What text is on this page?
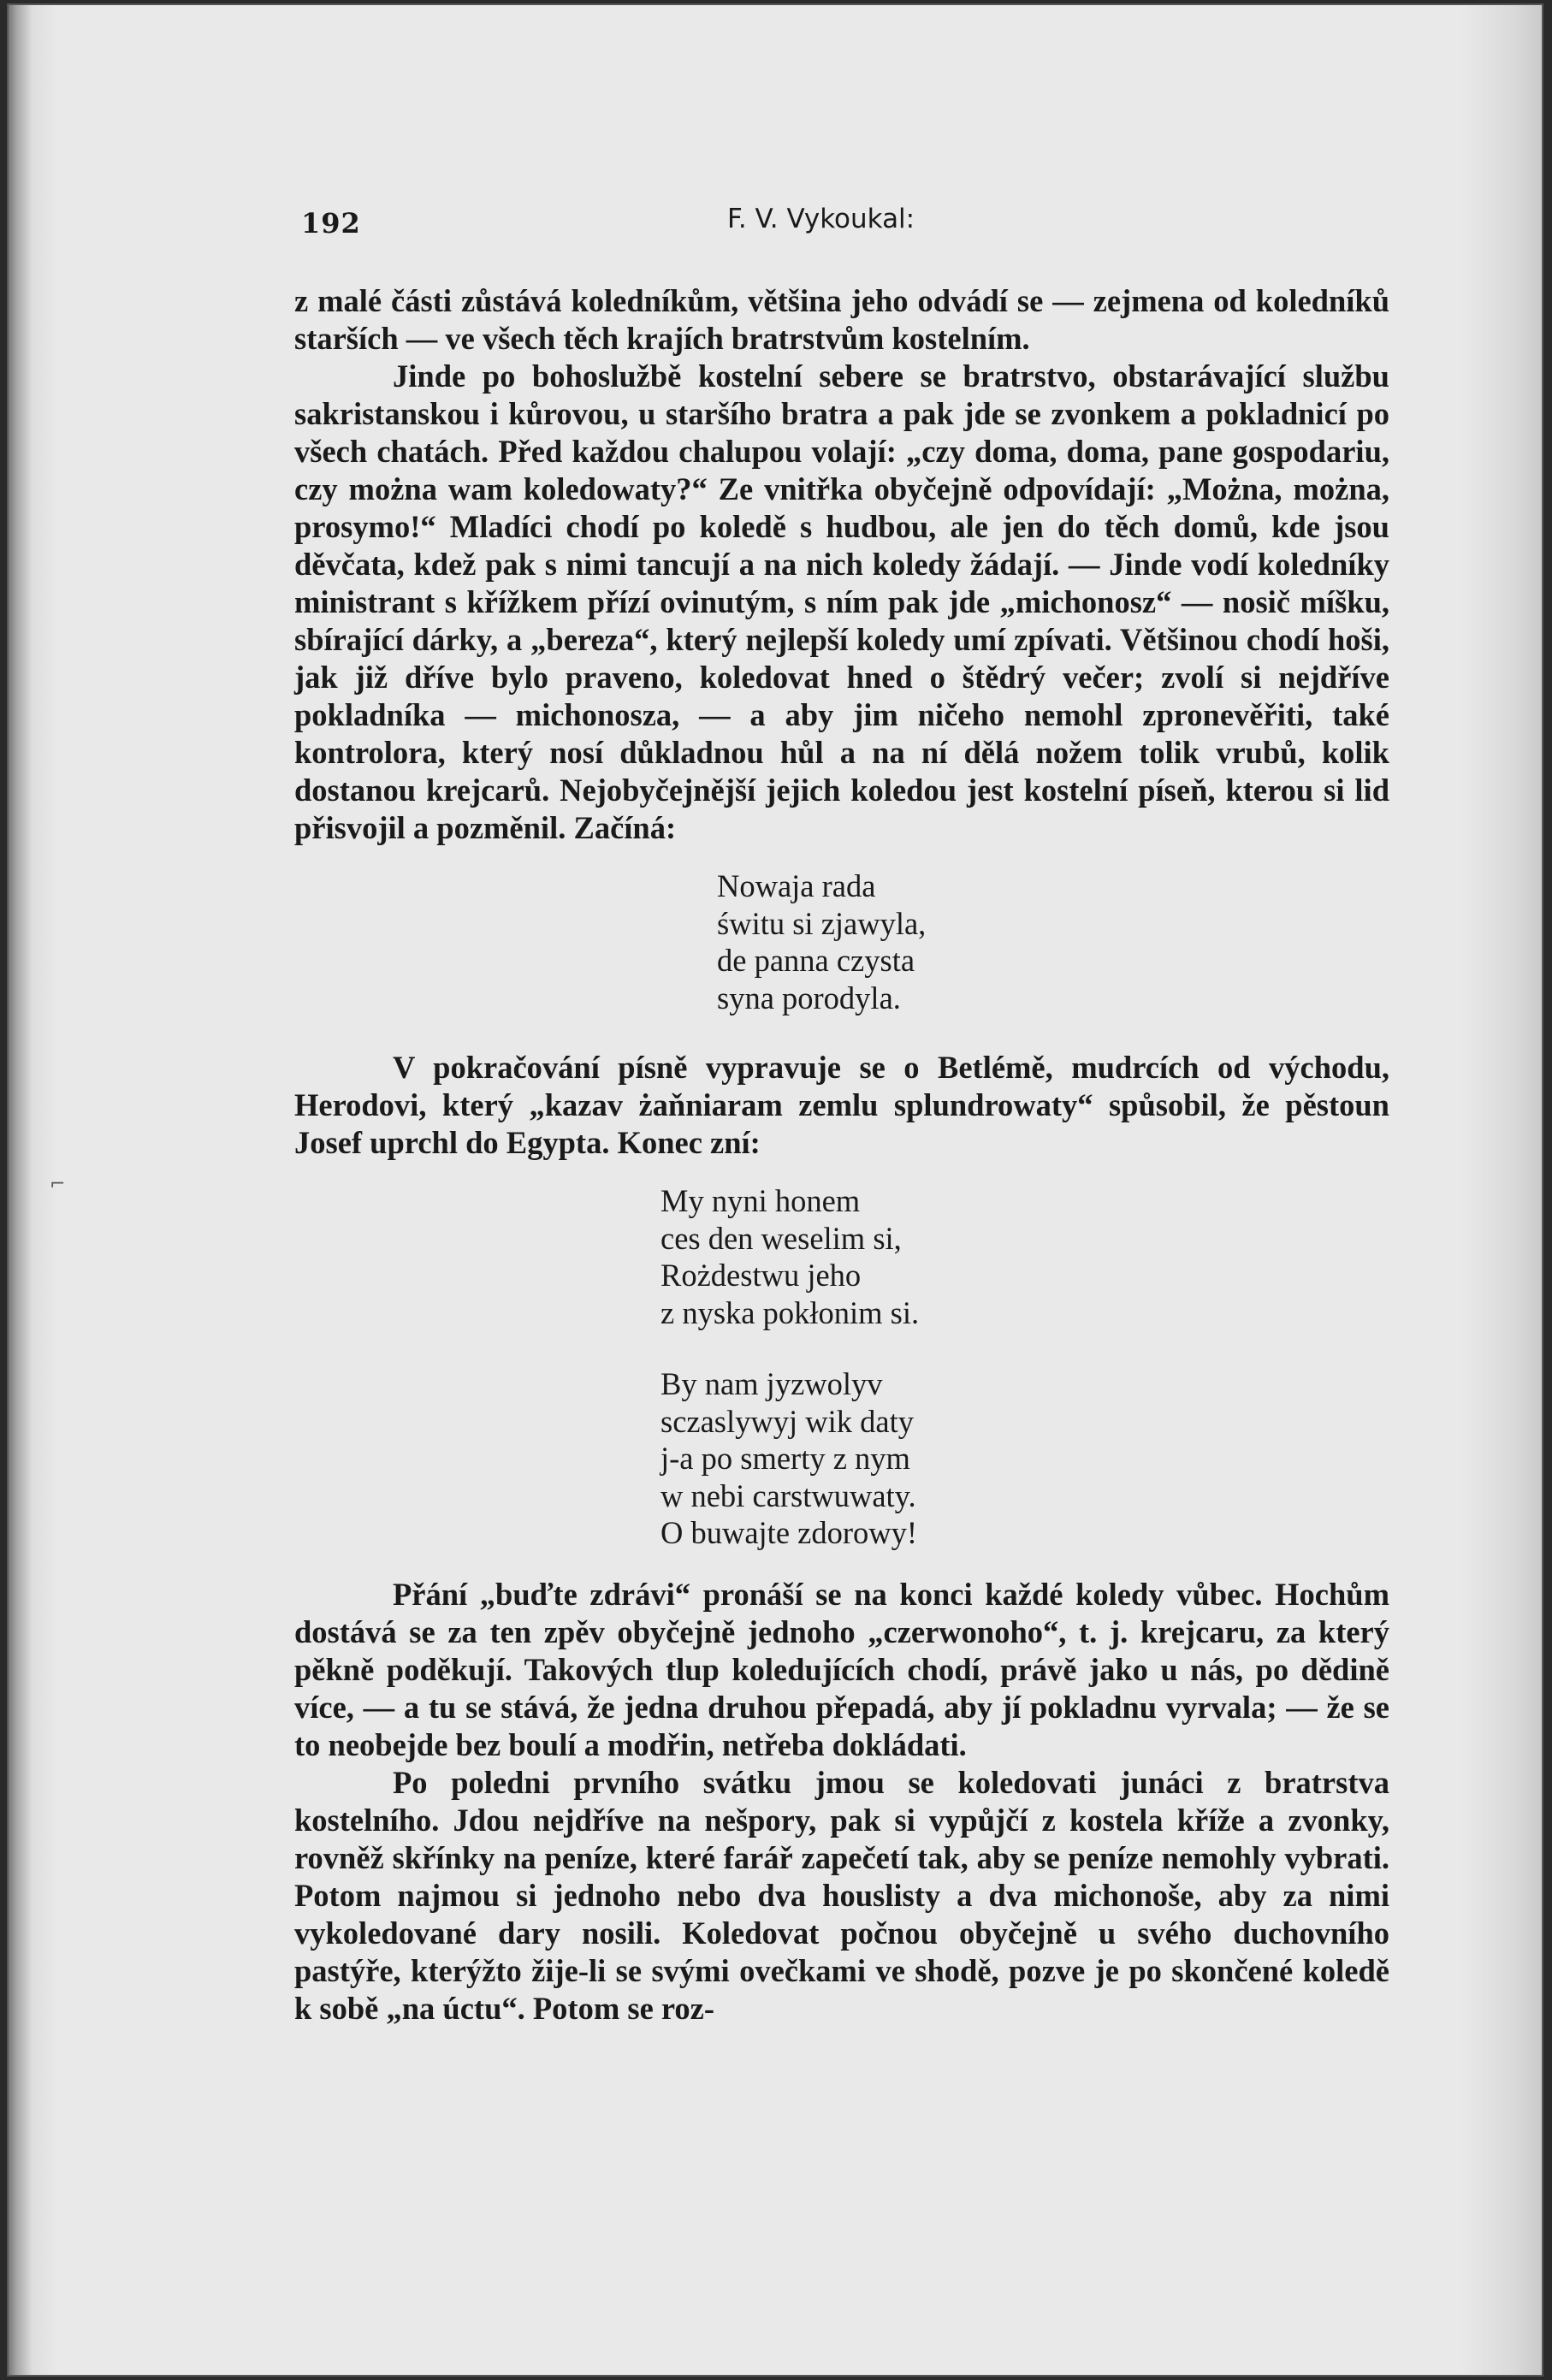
⌐
192	F. V. Vykoukal:

z malé části zůstává koledníkům, většina jeho odvádí se — zejmena od koledníků starších — ve všech těch krajích bratrstvům kostelním.

Jinde po bohoslužbě kostelní sebere se bratrstvo, obstarávající službu sakristanskou i kůrovou, u staršího bratra a pak jde se zvonkem a pokladnicí po všech chatách. Před každou chalupou volají: „czy doma, doma, pane gospodariu, czy można wam koledowaty?“ Ze vnitřka obyčejně odpovídají: „Można, można, prosymo!“ Mladíci chodí po koledě s hudbou, ale jen do těch domů, kde jsou děvčata, kdež pak s nimi tancují a na nich koledy žádají. — Jinde vodí koledníky ministrant s křížkem přízí ovinutým, s ním pak jde „michonosz“ — nosič míšku, sbírající dárky, a „bereza“, který nejlepší koledy umí zpívati. Většinou chodí hoši, jak již dříve bylo praveno, koledovat hned o štědrý večer; zvolí si nejdříve pokladníka — michonosza, — a aby jim ničeho nemohl zpronevěřiti, také kontrolora, který nosí důkladnou hůl a na ní dělá nožem tolik vrubů, kolik dostanou krejcarů. Nejobyčejnější jejich koledou jest kostelní píseň, kterou si lid přisvojil a pozměnil. Začíná:

Nowaja rada
świtu si zjawyla,
de panna czysta
syna porodyla.

V pokračování písně vypravuje se o Betlémě, mudrcích od východu, Herodovi, který „kazav żaňniaram zemlu splundrowaty“ spůsobil, že pěstoun Josef uprchl do Egypta. Konec zní:

My nyni honem
ces den weselim si,
Rożdestwu jeho
z nyska pokłonim si.
By nam jyzwolyv
sczaslywyj wik daty
j-a po smerty z nym
w nebi carstwuwaty.
O buwajte zdorowy!

Přání „buďte zdrávi“ pronáší se na konci každé koledy vůbec. Hochům dostává se za ten zpěv obyčejně jednoho „czerwonoho“, t. j. krejcaru, za který pěkně poděkují. Takových tlup koledujících chodí, právě jako u nás, po dědině více, — a tu se stává, že jedna druhou přepadá, aby jí pokladnu vyrvala; — že se to neobejde bez boulí a modřin, netřeba dokládati.

Po poledni prvního svátku jmou se koledovati junáci z bratrstva kostelního. Jdou nejdříve na nešpory, pak si vypůjčí z kostela kříže a zvonky, rovněž skřínky na peníze, které farář zapečetí tak, aby se peníze nemohly vybrati. Potom najmou si jednoho nebo dva houslisty a dva michonoše, aby za nimi vykoledované dary nosili. Koledovat počnou obyčejně u svého duchovního pastýře, kterýžto žije-li se svými ovečkami ve shodě, pozve je po skončené koledě k sobě „na úctu“. Potom se roz-
